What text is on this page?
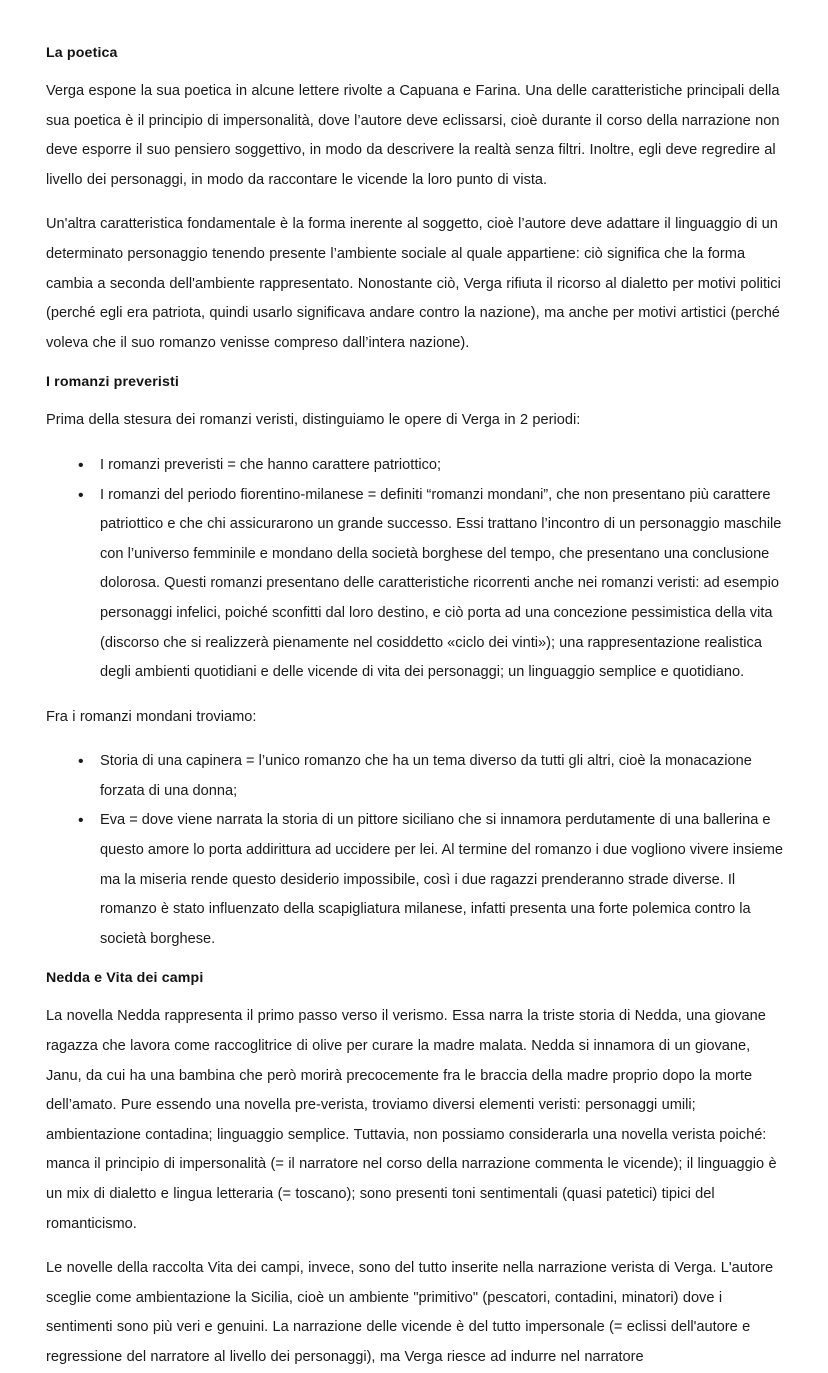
La poetica

Verga espone la sua poetica in alcune lettere rivolte a Capuana e Farina. Una delle caratteristiche principali della sua poetica è il principio di impersonalità, dove l’autore deve eclissarsi, cioè durante il corso della narrazione non deve esporre il suo pensiero soggettivo, in modo da descrivere la realtà senza filtri. Inoltre, egli deve regredire al livello dei personaggi, in modo da raccontare le vicende la loro punto di vista.

Un'altra caratteristica fondamentale è la forma inerente al soggetto, cioè l’autore deve adattare il linguaggio di un determinato personaggio tenendo presente l’ambiente sociale al quale appartiene: ciò significa che la forma cambia a seconda dell'ambiente rappresentato. Nonostante ciò, Verga rifiuta il ricorso al dialetto per motivi politici (perché egli era patriota, quindi usarlo significava andare contro la nazione), ma anche per motivi artistici (perché voleva che il suo romanzo venisse compreso dall’intera nazione).

I romanzi preveristi

Prima della stesura dei romanzi veristi, distinguiamo le opere di Verga in 2 periodi:

• I romanzi preveristi = che hanno carattere patriottico;
• I romanzi del periodo fiorentino-milanese = definiti “romanzi mondani”, che non presentano più carattere patriottico e che chi assicurarono un grande successo. Essi trattano l’incontro di un personaggio maschile con l’universo femminile e mondano della società borghese del tempo, che presentano una conclusione dolorosa. Questi romanzi presentano delle caratteristiche ricorrenti anche nei romanzi veristi: ad esempio personaggi infelici, poiché sconfitti dal loro destino, e ciò porta ad una concezione pessimistica della vita (discorso che si realizzerà pienamente nel cosiddetto «ciclo dei vinti»); una rappresentazione realistica degli ambienti quotidiani e delle vicende di vita dei personaggi; un linguaggio semplice e quotidiano.

Fra i romanzi mondani troviamo:

• Storia di una capinera = l’unico romanzo che ha un tema diverso da tutti gli altri, cioè la monacazione forzata di una donna;
• Eva = dove viene narrata la storia di un pittore siciliano che si innamora perdutamente di una ballerina e questo amore lo porta addirittura ad uccidere per lei. Al termine del romanzo i due vogliono vivere insieme ma la miseria rende questo desiderio impossibile, così i due ragazzi prenderanno strade diverse. Il romanzo è stato influenzato della scapigliatura milanese, infatti presenta una forte polemica contro la società borghese.
Nedda e Vita dei campi

La novella Nedda rappresenta il primo passo verso il verismo. Essa narra la triste storia di Nedda, una giovane ragazza che lavora come raccoglitrice di olive per curare la madre malata. Nedda si innamora di un giovane, Janu, da cui ha una bambina che però morirà precocemente fra le braccia della madre proprio dopo la morte dell’amato. Pure essendo una novella pre-verista, troviamo diversi elementi veristi: personaggi umili; ambientazione contadina; linguaggio semplice. Tuttavia, non possiamo considerarla una novella verista poiché: manca il principio di impersonalità (= il narratore nel corso della narrazione commenta le vicende); il linguaggio è un mix di dialetto e lingua letteraria (= toscano); sono presenti toni sentimentali (quasi patetici) tipici del romanticismo.

Le novelle della raccolta Vita dei campi, invece, sono del tutto inserite nella narrazione verista di Verga. L'autore sceglie come ambientazione la Sicilia, cioè un ambiente "primitivo" (pescatori, contadini, minatori) dove i sentimenti sono più veri e genuini. La narrazione delle vicende è del tutto impersonale (= eclissi dell'autore e regressione del narratore al livello dei personaggi), ma Verga riesce ad indurre nel narratore
